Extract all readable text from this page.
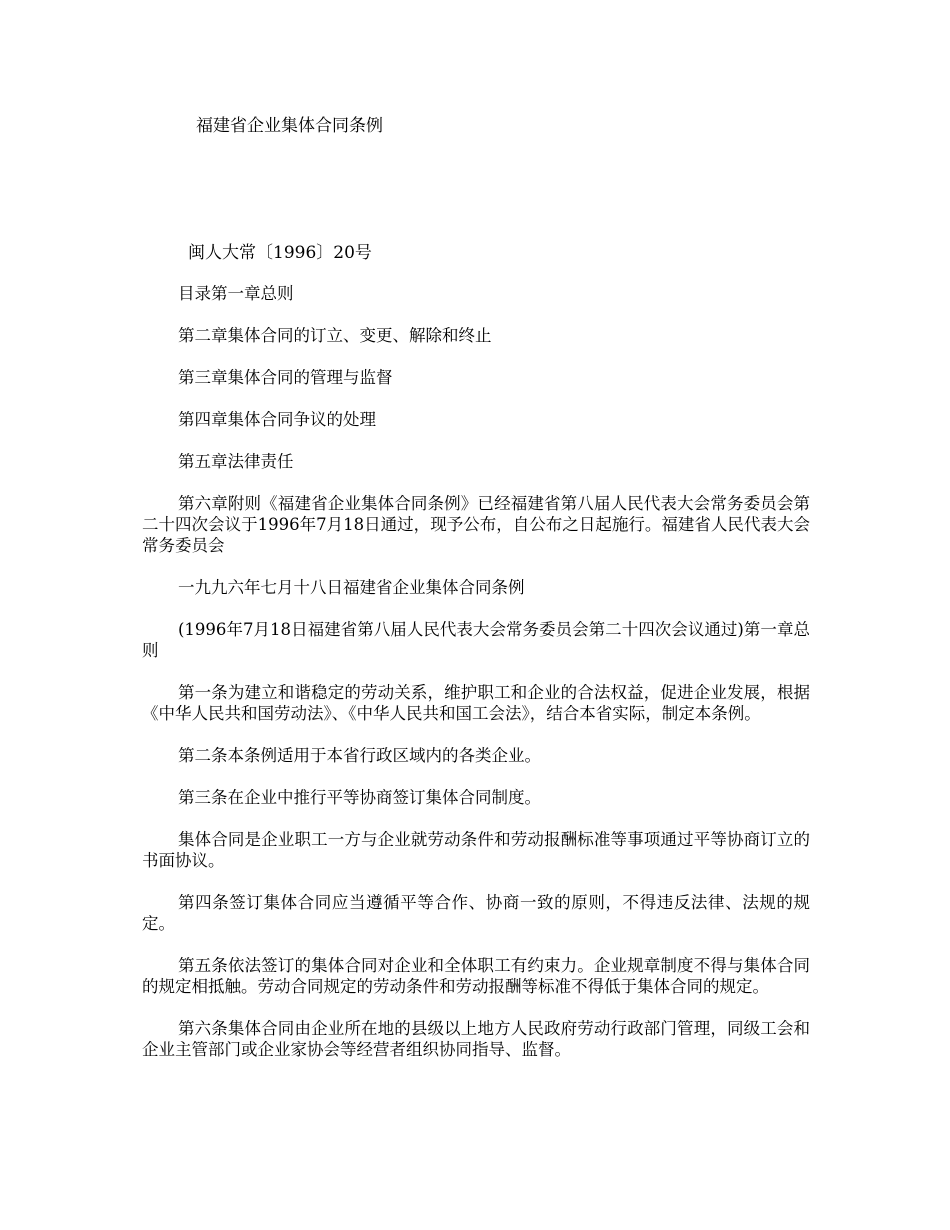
福建省企业集体合同条例

闽人大常〔1996〕20号

目录第一章总则

第二章集体合同的订立、变更、解除和终止

第三章集体合同的管理与监督

第四章集体合同争议的处理

第五章法律责任

第六章附则《福建省企业集体合同条例》已经福建省第八届人民代表大会常务委员会第二十四次会议于1996年7月18日通过，现予公布，自公布之日起施行。福建省人民代表大会常务委员会

一九九六年七月十八日福建省企业集体合同条例

(1996年7月18日福建省第八届人民代表大会常务委员会第二十四次会议通过)第一章总则

第一条为建立和谐稳定的劳动关系，维护职工和企业的合法权益，促进企业发展，根据《中华人民共和国劳动法》、《中华人民共和国工会法》，结合本省实际，制定本条例。

第二条本条例适用于本省行政区域内的各类企业。

第三条在企业中推行平等协商签订集体合同制度。

集体合同是企业职工一方与企业就劳动条件和劳动报酬标准等事项通过平等协商订立的书面协议。

第四条签订集体合同应当遵循平等合作、协商一致的原则，不得违反法律、法规的规定。

第五条依法签订的集体合同对企业和全体职工有约束力。企业规章制度不得与集体合同的规定相抵触。劳动合同规定的劳动条件和劳动报酬等标准不得低于集体合同的规定。

第六条集体合同由企业所在地的县级以上地方人民政府劳动行政部门管理，同级工会和企业主管部门或企业家协会等经营者组织协同指导、监督。
